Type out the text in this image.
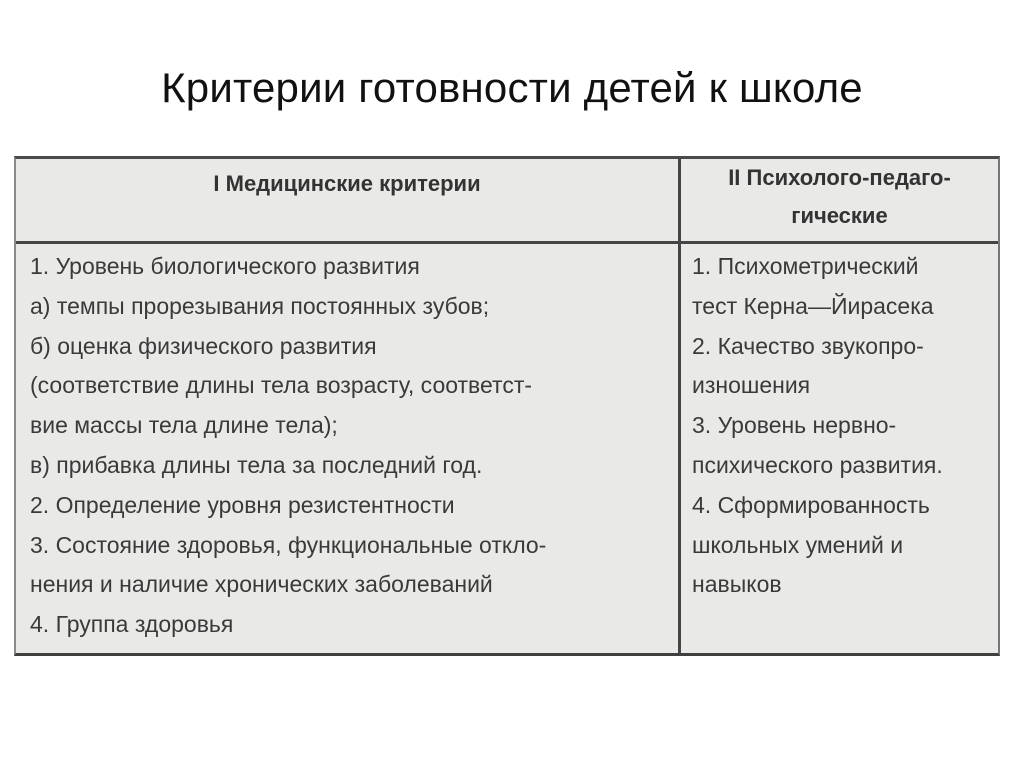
Критерии готовности детей к школе
I Медицинские критерии	II Психолого-педаго-
гические
1. Уровень биологического развития
а) темпы прорезывания постоянных зубов;
б) оценка физического развития
(соответствие длины тела возрасту, соответст-
вие массы тела длине тела);
в) прибавка длины тела за последний год.
2. Определение уровня резистентности
3. Состояние здоровья, функциональные откло-
нения и наличие хронических заболеваний
4. Группа здоровья
1. Психометрический
тест Керна—Йирасека
2. Качество звукопро-
изношения
3. Уровень нервно-
психического развития.
4. Сформированность
школьных умений и
навыков
